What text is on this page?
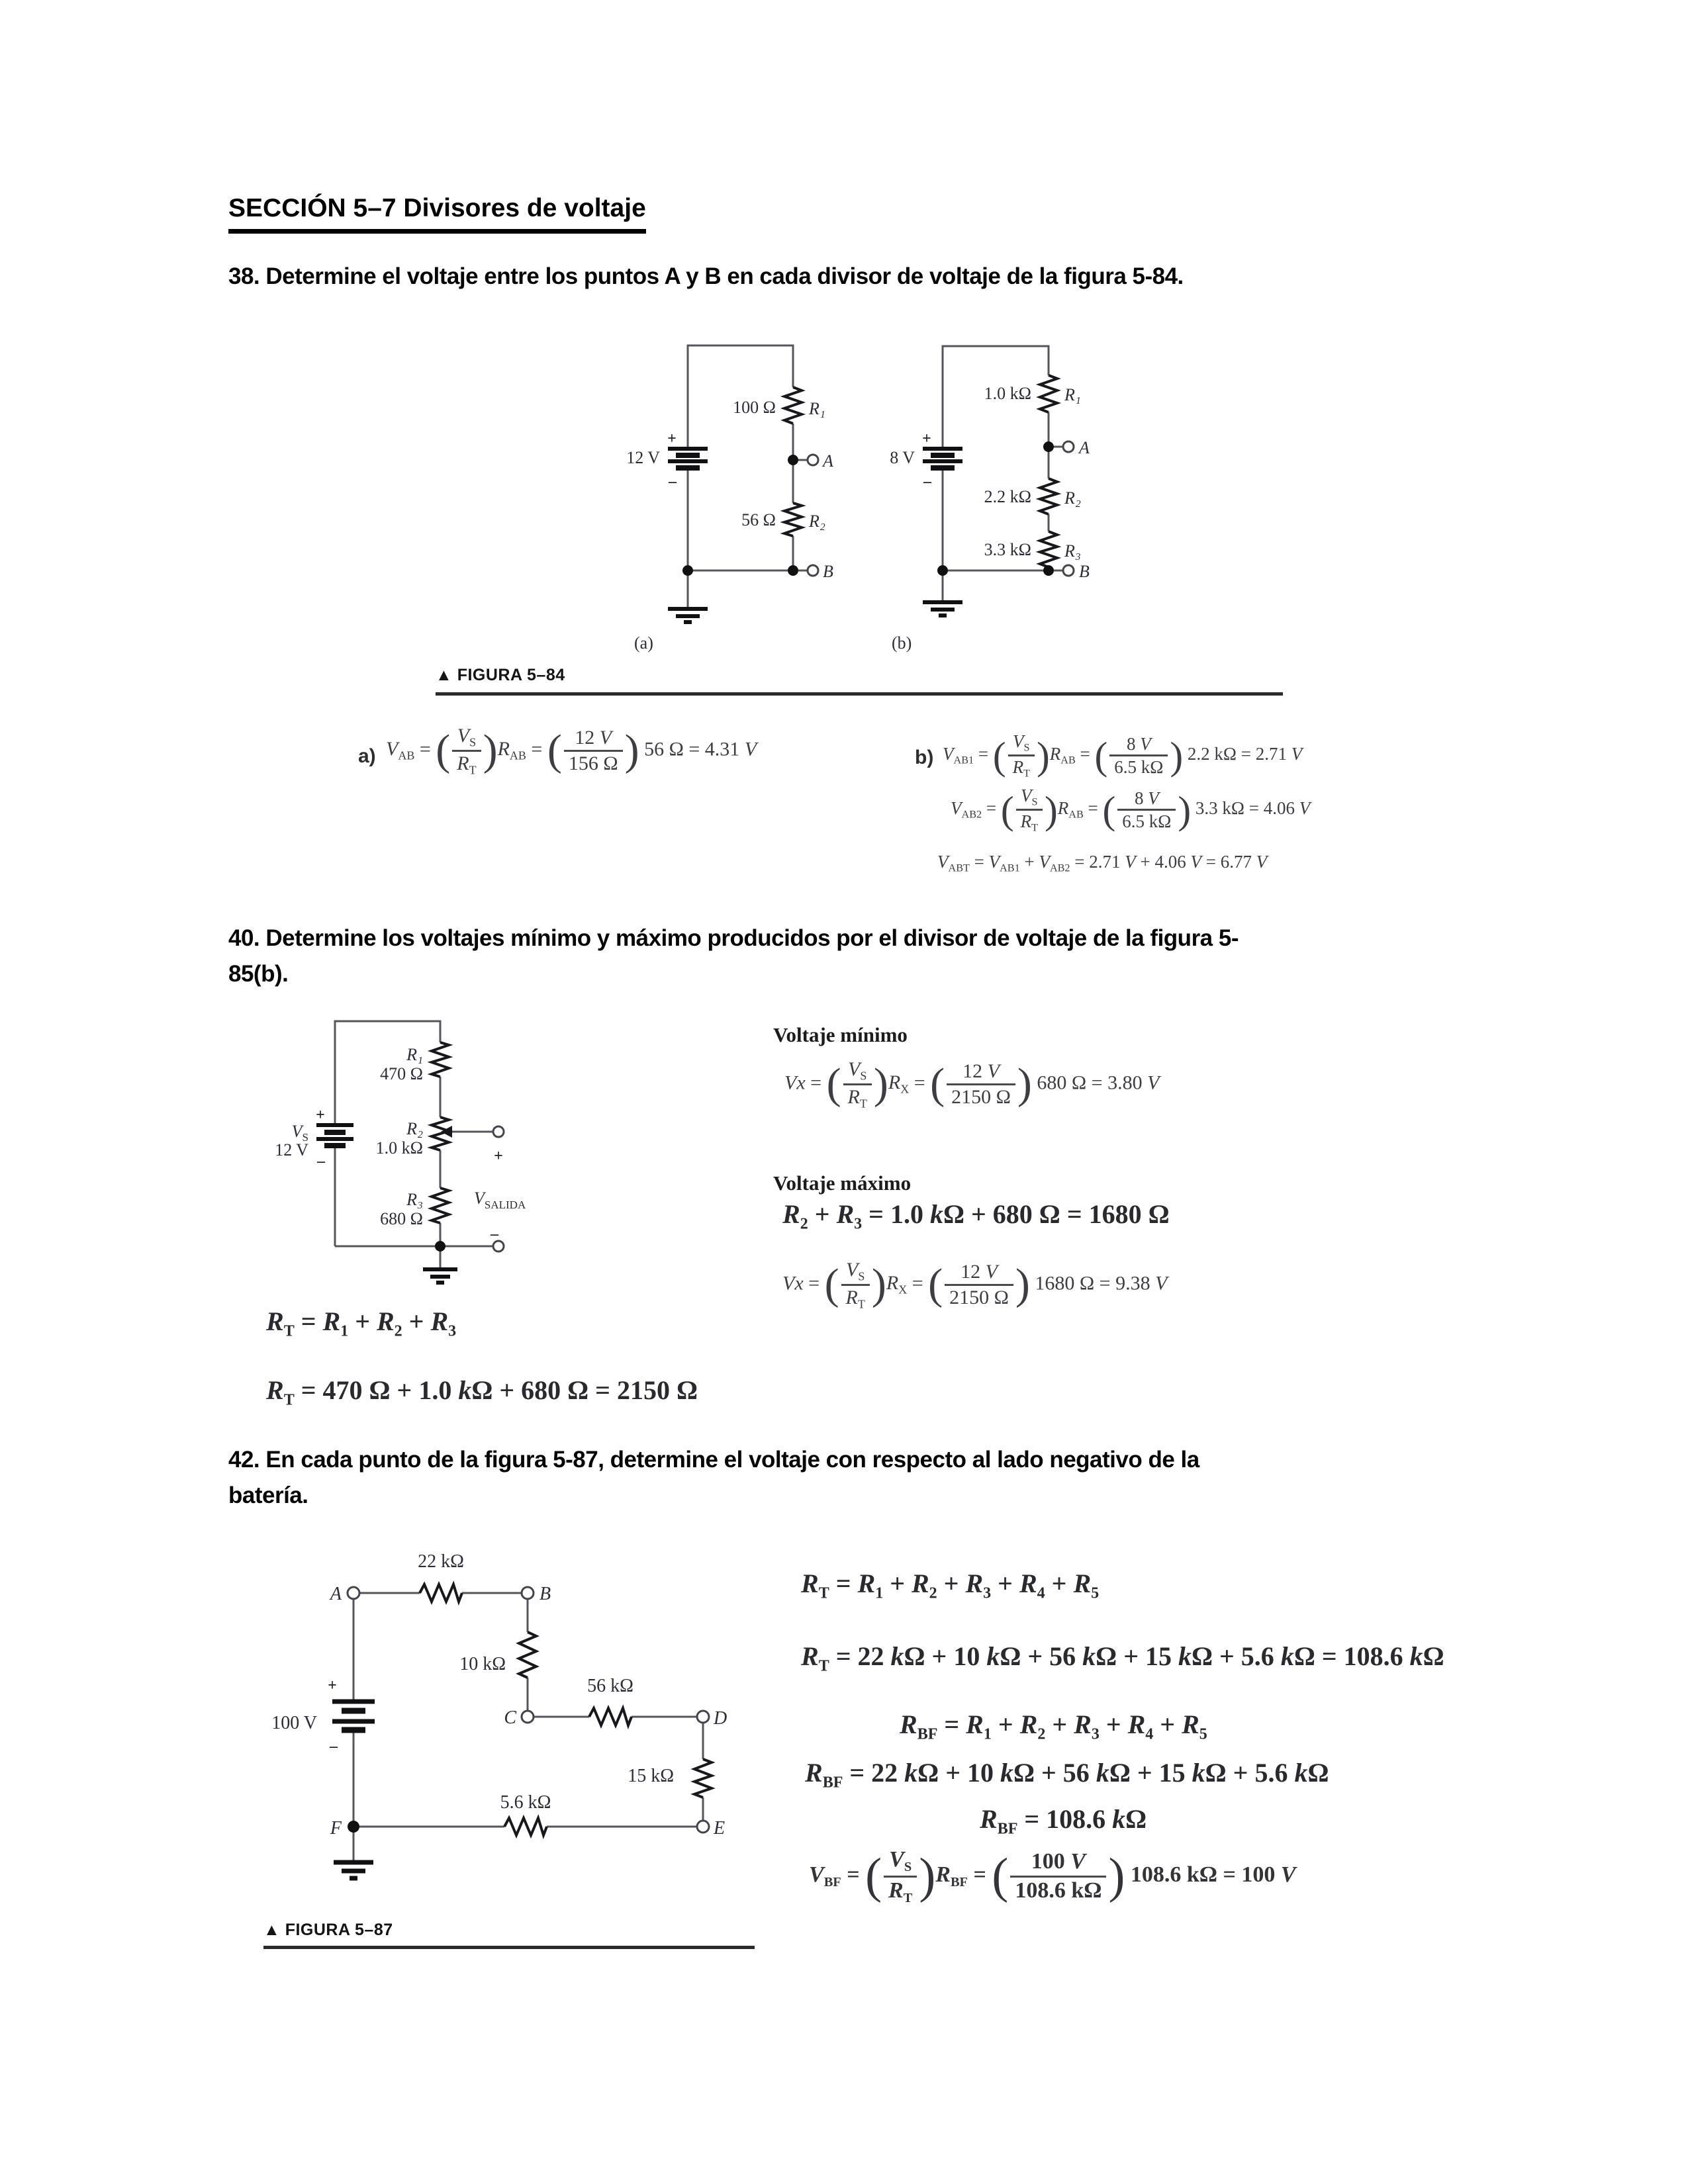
SECCIÓN 5–7 Divisores de voltaje
38. Determine el voltaje entre los puntos A y B en cada divisor de voltaje de la figura 5-84.
+
12 V
–
100 Ω R₁
A
56 Ω R₂
B
(a)
+
8 V
–
1.0 kΩ R₁
A
2.2 kΩ R₂
3.3 kΩ R₃
B
(b)
▲ FIGURA 5–84
a) $V_{AB}$ = ( $\frac{V_S}{R_T} )R_{AB}$ = ( $\frac{12 V}{156 \Omega}$ ) 56 Ω = 4.31 V	b) $V_{AB1}$ = ( $\frac{V_S}{R_T} )R_{AB}$ = ( $\frac{8 V}{6.5 k\Omega}$ ) 2.2 kΩ = 2.71 V
$V_{AB2}$ = ( $\frac{V_S}{R_T} )R_{AB}$ = ( $\frac{8 V}{6.5 k\Omega}$ ) 3.3 kΩ = 4.06 V
$V_{ABT} = V_{AB1} + V_{AB2} = 2.71$ V + 4.06 V = 6.77 V
40. Determine los voltajes mínimo y máximo producidos por el divisor de voltaje de la figura 5-
85(b).
+
$V_S$
12 V
–
R₁
470 Ω
R₂
1.0 kΩ	+
R₃
680 Ω
$V_{SALIDA}$
–
$R_T = R_1 + R_2 + R_3$
$R_T = 470$ Ω + 1.0 kΩ + 680 Ω = 2150 Ω
Voltaje mínimo
Vx = ( $\frac{V_S}{R_T} )R_X$ = ( $\frac{12 V}{2150 \Omega}$ ) 680 Ω = 3.80 V
Voltaje máximo
$R_2 + R_3 = 1.0$ kΩ + 680 Ω = 1680 Ω
Vx = ( $\frac{V_S}{R_T} )R_X$ = ( $\frac{12 V}{2150 \Omega}$ ) 1680 Ω = 9.38 V
42. En cada punto de la figura 5-87, determine el voltaje con respecto al lado negativo de la
batería.
22 kΩ
A	B
10 kΩ
C
56 kΩ
D
15 kΩ
E
5.6 kΩ
F
+
100 V
–
▲ FIGURA 5–87
$R_T = R_1 + R_2 + R_3 + R_4 + R_5$
$R_T = 22$ kΩ + 10 kΩ + 56 kΩ + 15 kΩ + 5.6 kΩ = 108.6 kΩ
$R_{BF} = R_1 + R_2 + R_3 + R_4 + R_5$
$R_{BF} = 22$ kΩ + 10 kΩ + 56 kΩ + 15 kΩ + 5.6 kΩ
$R_{BF} = 108.6$ kΩ
$V_{BF}$ = ( $\frac{V_S}{R_T} )R_{BF}$ = ( $\frac{100 V}{108.6 k\Omega}$ ) 108.6 kΩ = 100 V
